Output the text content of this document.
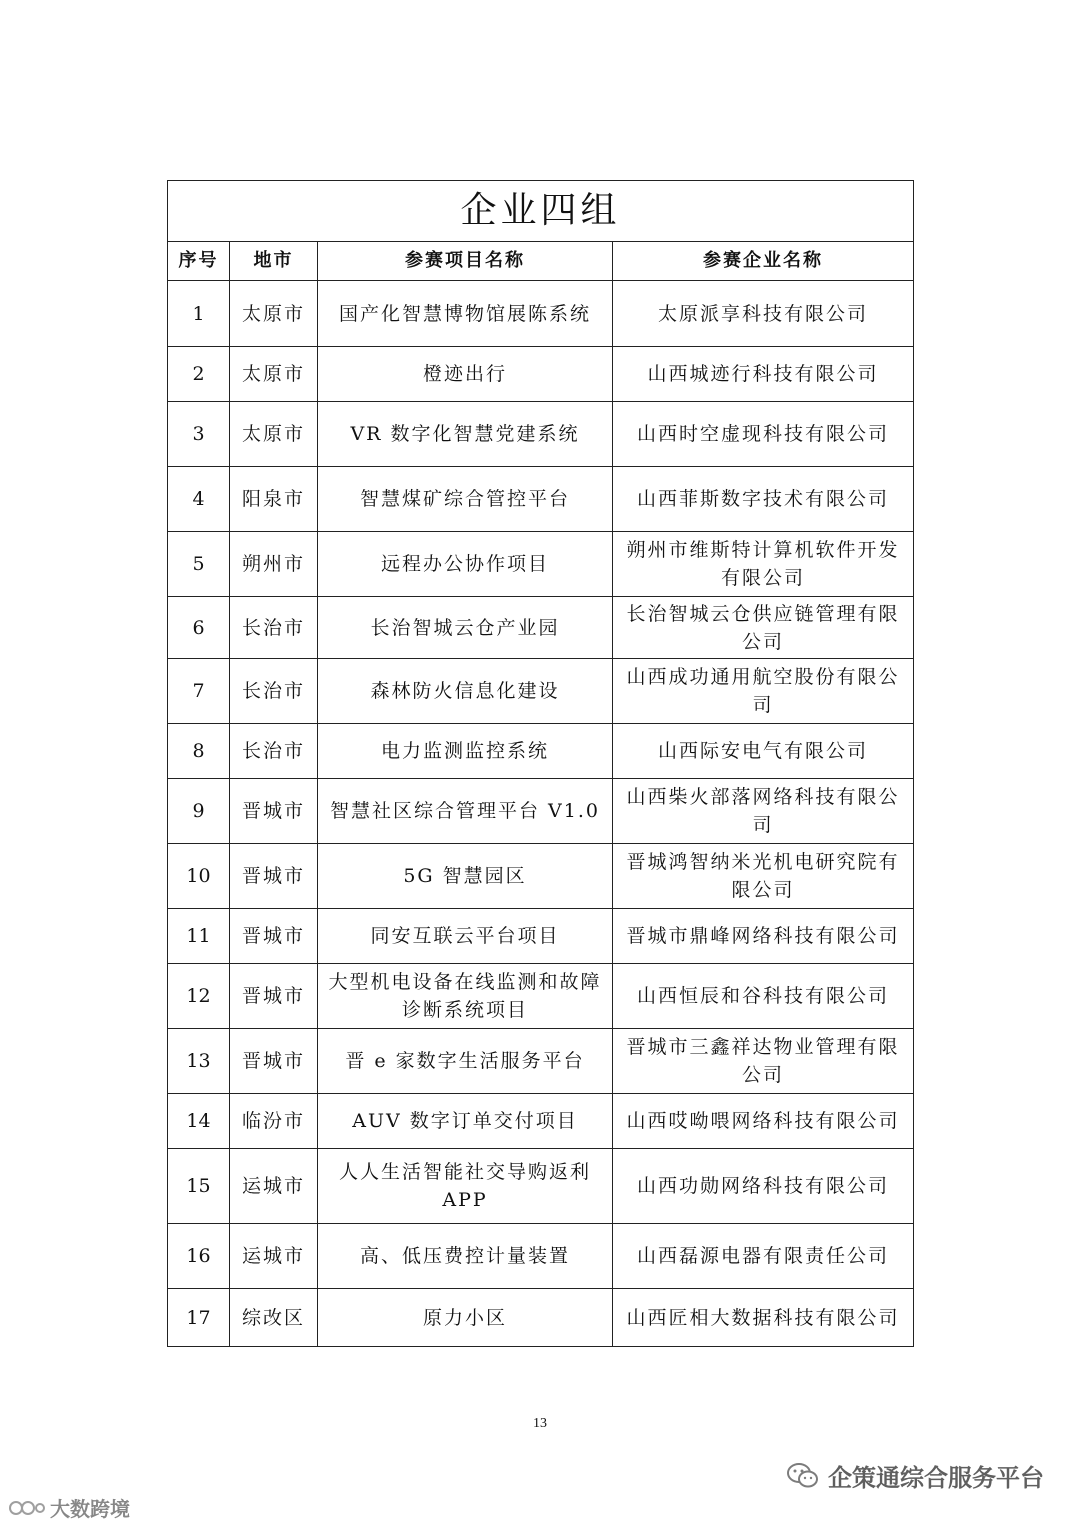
企业四组			
序号	地市	参赛项目名称	参赛企业名称
1	太原市	国产化智慧博物馆展陈系统	太原派享科技有限公司
2	太原市	橙迹出行	山西城迹行科技有限公司
3	太原市	VR 数字化智慧党建系统	山西时空虚现科技有限公司
4	阳泉市	智慧煤矿综合管控平台	山西菲斯数字技术有限公司
5	朔州市	远程办公协作项目	朔州市维斯特计算机软件开发有限公司
6	长治市	长治智城云仓产业园	长治智城云仓供应链管理有限公司
7	长治市	森林防火信息化建设	山西成功通用航空股份有限公司
8	长治市	电力监测监控系统	山西际安电气有限公司
9	晋城市	智慧社区综合管理平台 V1.0	山西柴火部落网络科技有限公司
10	晋城市	5G 智慧园区	晋城鸿智纳米光机电研究院有限公司
11	晋城市	同安互联云平台项目	晋城市鼎峰网络科技有限公司
12	晋城市	大型机电设备在线监测和故障诊断系统项目	山西恒辰和谷科技有限公司
13	晋城市	晋 e 家数字生活服务平台	晋城市三鑫祥达物业管理有限公司
14	临汾市	AUV 数字订单交付项目	山西哎呦喂网络科技有限公司
15	运城市	人人生活智能社交导购返利 APP	山西功勋网络科技有限公司
16	运城市	高、低压费控计量装置	山西磊源电器有限责任公司
17	综改区	原力小区	山西匠相大数据科技有限公司
13
企策通综合服务平台
大数跨境
